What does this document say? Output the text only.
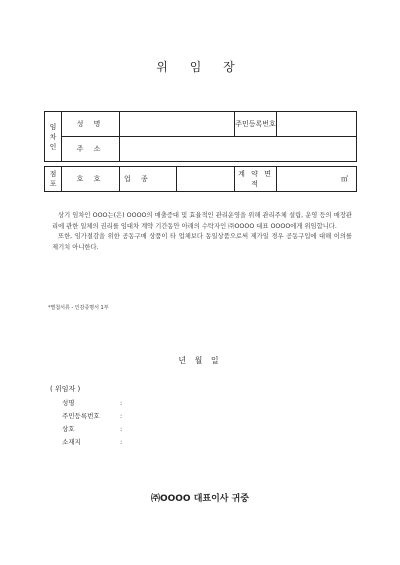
위 임 장
임
차
인	성 명			주민등록번호	
	주 소				

점
포	호 호	업 종		계 약 면 적	㎡

상기 임차인 OOO는(은) OOOO의 매출증대 및 효율적인 관리운영을 위해 관리주체 설립, 운영 등의 매장관리에 관한 일체의 권리를 임대차 계약 기간동안 아래의 수탁자인 ㈜OOOO 대표 OOOO에게 위임합니다.

또한, 임가절감을 위한 공동구매 상품이 타 업체보다 동일상품으로써 제가일 경우 공동구입에 대해 이의를 제기치 아니한다.

*별첨서류 - 인감증명서 1부
년 월 일
( 위임자 )
성명	:
주민등록번호	:
상호	:
소재지	:
㈜OOOO 대표이사 귀중
